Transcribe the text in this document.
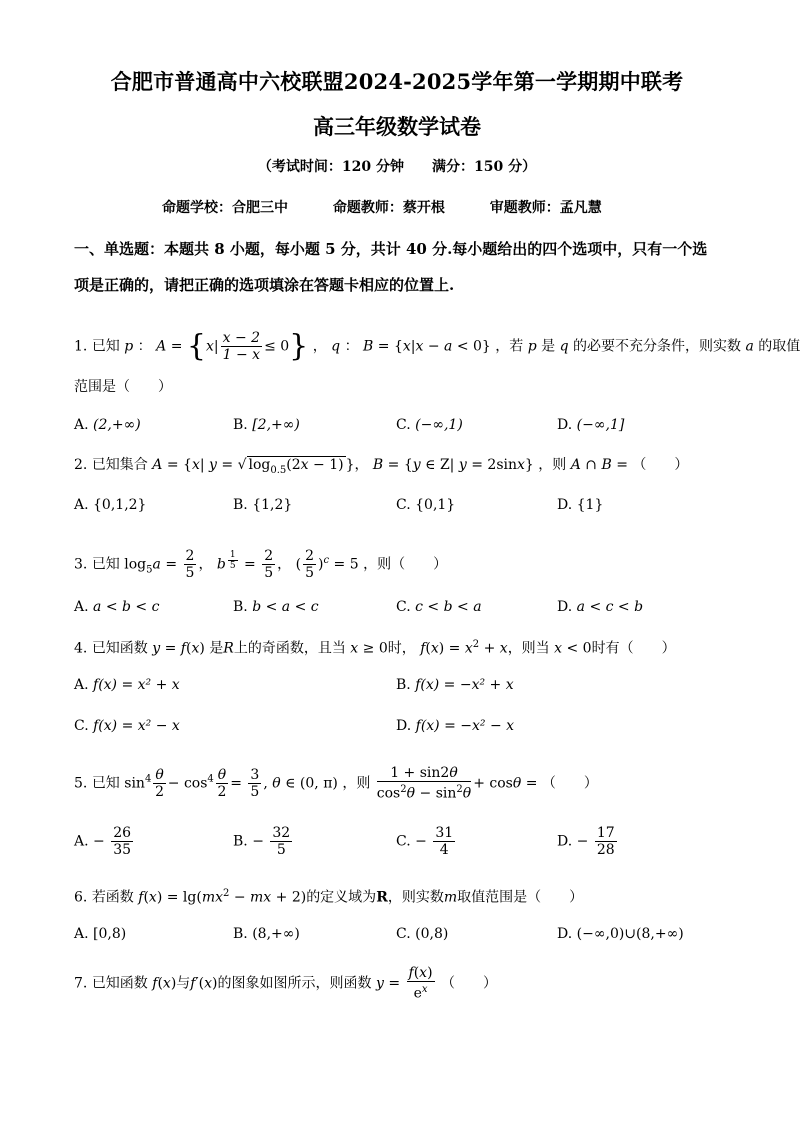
合肥市普通高中六校联盟2024-2025学年第一学期期中联考
高三年级数学试卷
（考试时间：120 分钟　　满分：150 分）
命题学校：合肥三中	命题教师：蔡开根	审题教师：孟凡慧
一、单选题：本题共 8 小题，每小题 5 分，共计 40 分.每小题给出的四个选项中，只有一个选
项是正确的，请把正确的选项填涂在答题卡相应的位置上.
1. 已知 p ： $A = \{x| \frac{x - 2}{1 - x} \le 0\}$ ， q ： B = {x|x − a < 0} ，若 p 是 q 的必要不充分条件，则实数 a 的取值
范围是（　　）
A. (2,+∞)	B. [2,+∞)	C. (−∞,1)	D. (−∞,1]
2. 已知集合 A = {x| y = √ $\log_{0.5}(2x - 1)$ }， B = {y ∈ Z| y = 2sinx} ，则 A ∩ B = （　　）
A. {0,1,2}	B. {1,2}	C. {0,1}	D. {1}
3. 已知 $\log_5a = \frac{2}{5}$ ， b $^{\frac{1}{5}} = \frac{2}{5}$ ， ( $\frac{2}{5} )^c = 5$ ，则（　　）
A. a < b < c	B. b < a < c	C. c < b < a	D. a < c < b
4. 已知函数 y = f(x) 是R上的奇函数，且当 x ≥ 0时， $f(x) = x^2 + x$，则当 x < 0时有（　　）
A. f(x) = x² + x	B. f(x) = −x² + x
C. f(x) = x² − x	D. f(x) = −x² − x
5. 已知 $\sin^4 \frac{\theta}{2} - \cos^4 \frac{\theta}{2} = \frac{3}{5}$ , θ ∈ (0, π) ，则 $\frac{1 + \sin 2\theta}{\cos^2\theta - \sin^2\theta} + \cos\theta$ = （　　）
A. − $\frac{26}{35}$	B. − $\frac{32}{5}$	C. − $\frac{31}{4}$	D. − $\frac{17}{28}$
6. 若函数 $f(x) = \lg(mx^2$ − mx + 2)的定义域为R，则实数m取值范围是（　　）
A. [0,8)	B. (8,+∞)	C. (0,8)	D. (−∞,0)∪(8,+∞)
7. 已知函数 f(x)与f′(x)的图象如图所示，则函数 $y = \frac{f(x)}{e^x}$ （　　）
